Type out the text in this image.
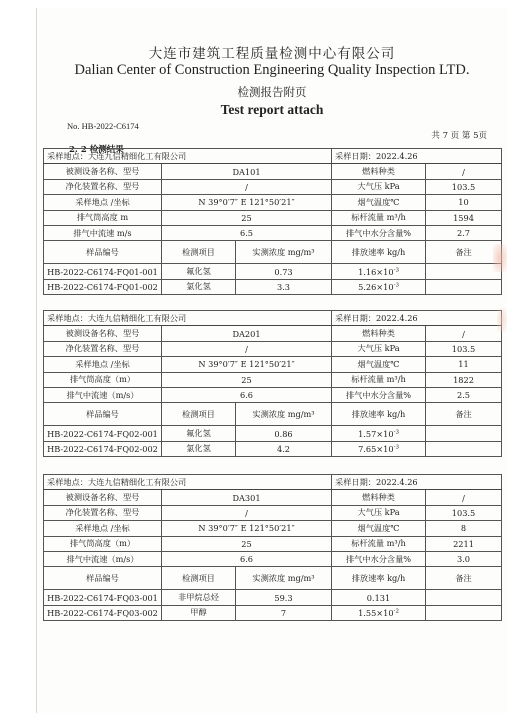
大连市建筑工程质量检测中心有限公司
Dalian Center of Construction Engineering Quality Inspection LTD.
检测报告附页
Test report attach
No. HB-2022-C6174
共 7 页 第 5页
2. 2 检测结果
采样地点：大连九信精细化工有限公司			采样日期：2022.4.26	
被测设备名称、型号	DA101		燃料种类	/
净化装置名称、型号	/		大气压 kPa	103.5
采样地点 /坐标	N 39°0′7″ E 121°50′21″		烟气温度℃	10
排气筒高度 m	25		标杆流量 m³/h	1594
排气中流速 m/s	6.5		排气中水分含量%	2.7
样品编号	检测项目	实测浓度 mg/m³	排放速率 kg/h	备注
HB-2022-C6174-FQ01-001	氟化氢	0.73	$1.16\times 10^{-3}$	
HB-2022-C6174-FQ01-002	氯化氢	3.3	$5.26\times 10^{-3}$	
采样地点：大连九信精细化工有限公司			采样日期：2022.4.26	
被测设备名称、型号	DA201		燃料种类	/
净化装置名称、型号	/		大气压 kPa	103.5
采样地点 /坐标	N 39°0′7″ E 121°50′21″		烟气温度℃	11
排气筒高度（m）	25		标杆流量 m³/h	1822
排气中流速（m/s）	6.6		排气中水分含量%	2.5
样品编号	检测项目	实测浓度 mg/m³	排放速率 kg/h	备注
HB-2022-C6174-FQ02-001	氟化氢	0.86	$1.57\times 10^{-3}$	
HB-2022-C6174-FQ02-002	氯化氢	4.2	$7.65\times 10^{-3}$	
采样地点：大连九信精细化工有限公司			采样日期：2022.4.26	
被测设备名称、型号	DA301		燃料种类	/
净化装置名称、型号	/		大气压 kPa	103.5
采样地点 /坐标	N 39°0′7″ E 121°50′21″		烟气温度℃	8
排气筒高度（m）	25		标杆流量 m³/h	2211
排气中流速（m/s）	6.6		排气中水分含量%	3.0
样品编号	检测项目	实测浓度 mg/m³	排放速率 kg/h	备注
HB-2022-C6174-FQ03-001	非甲烷总烃	59.3	0.131	
HB-2022-C6174-FQ03-002	甲醇	7	$1.55\times 10^{-2}$	
